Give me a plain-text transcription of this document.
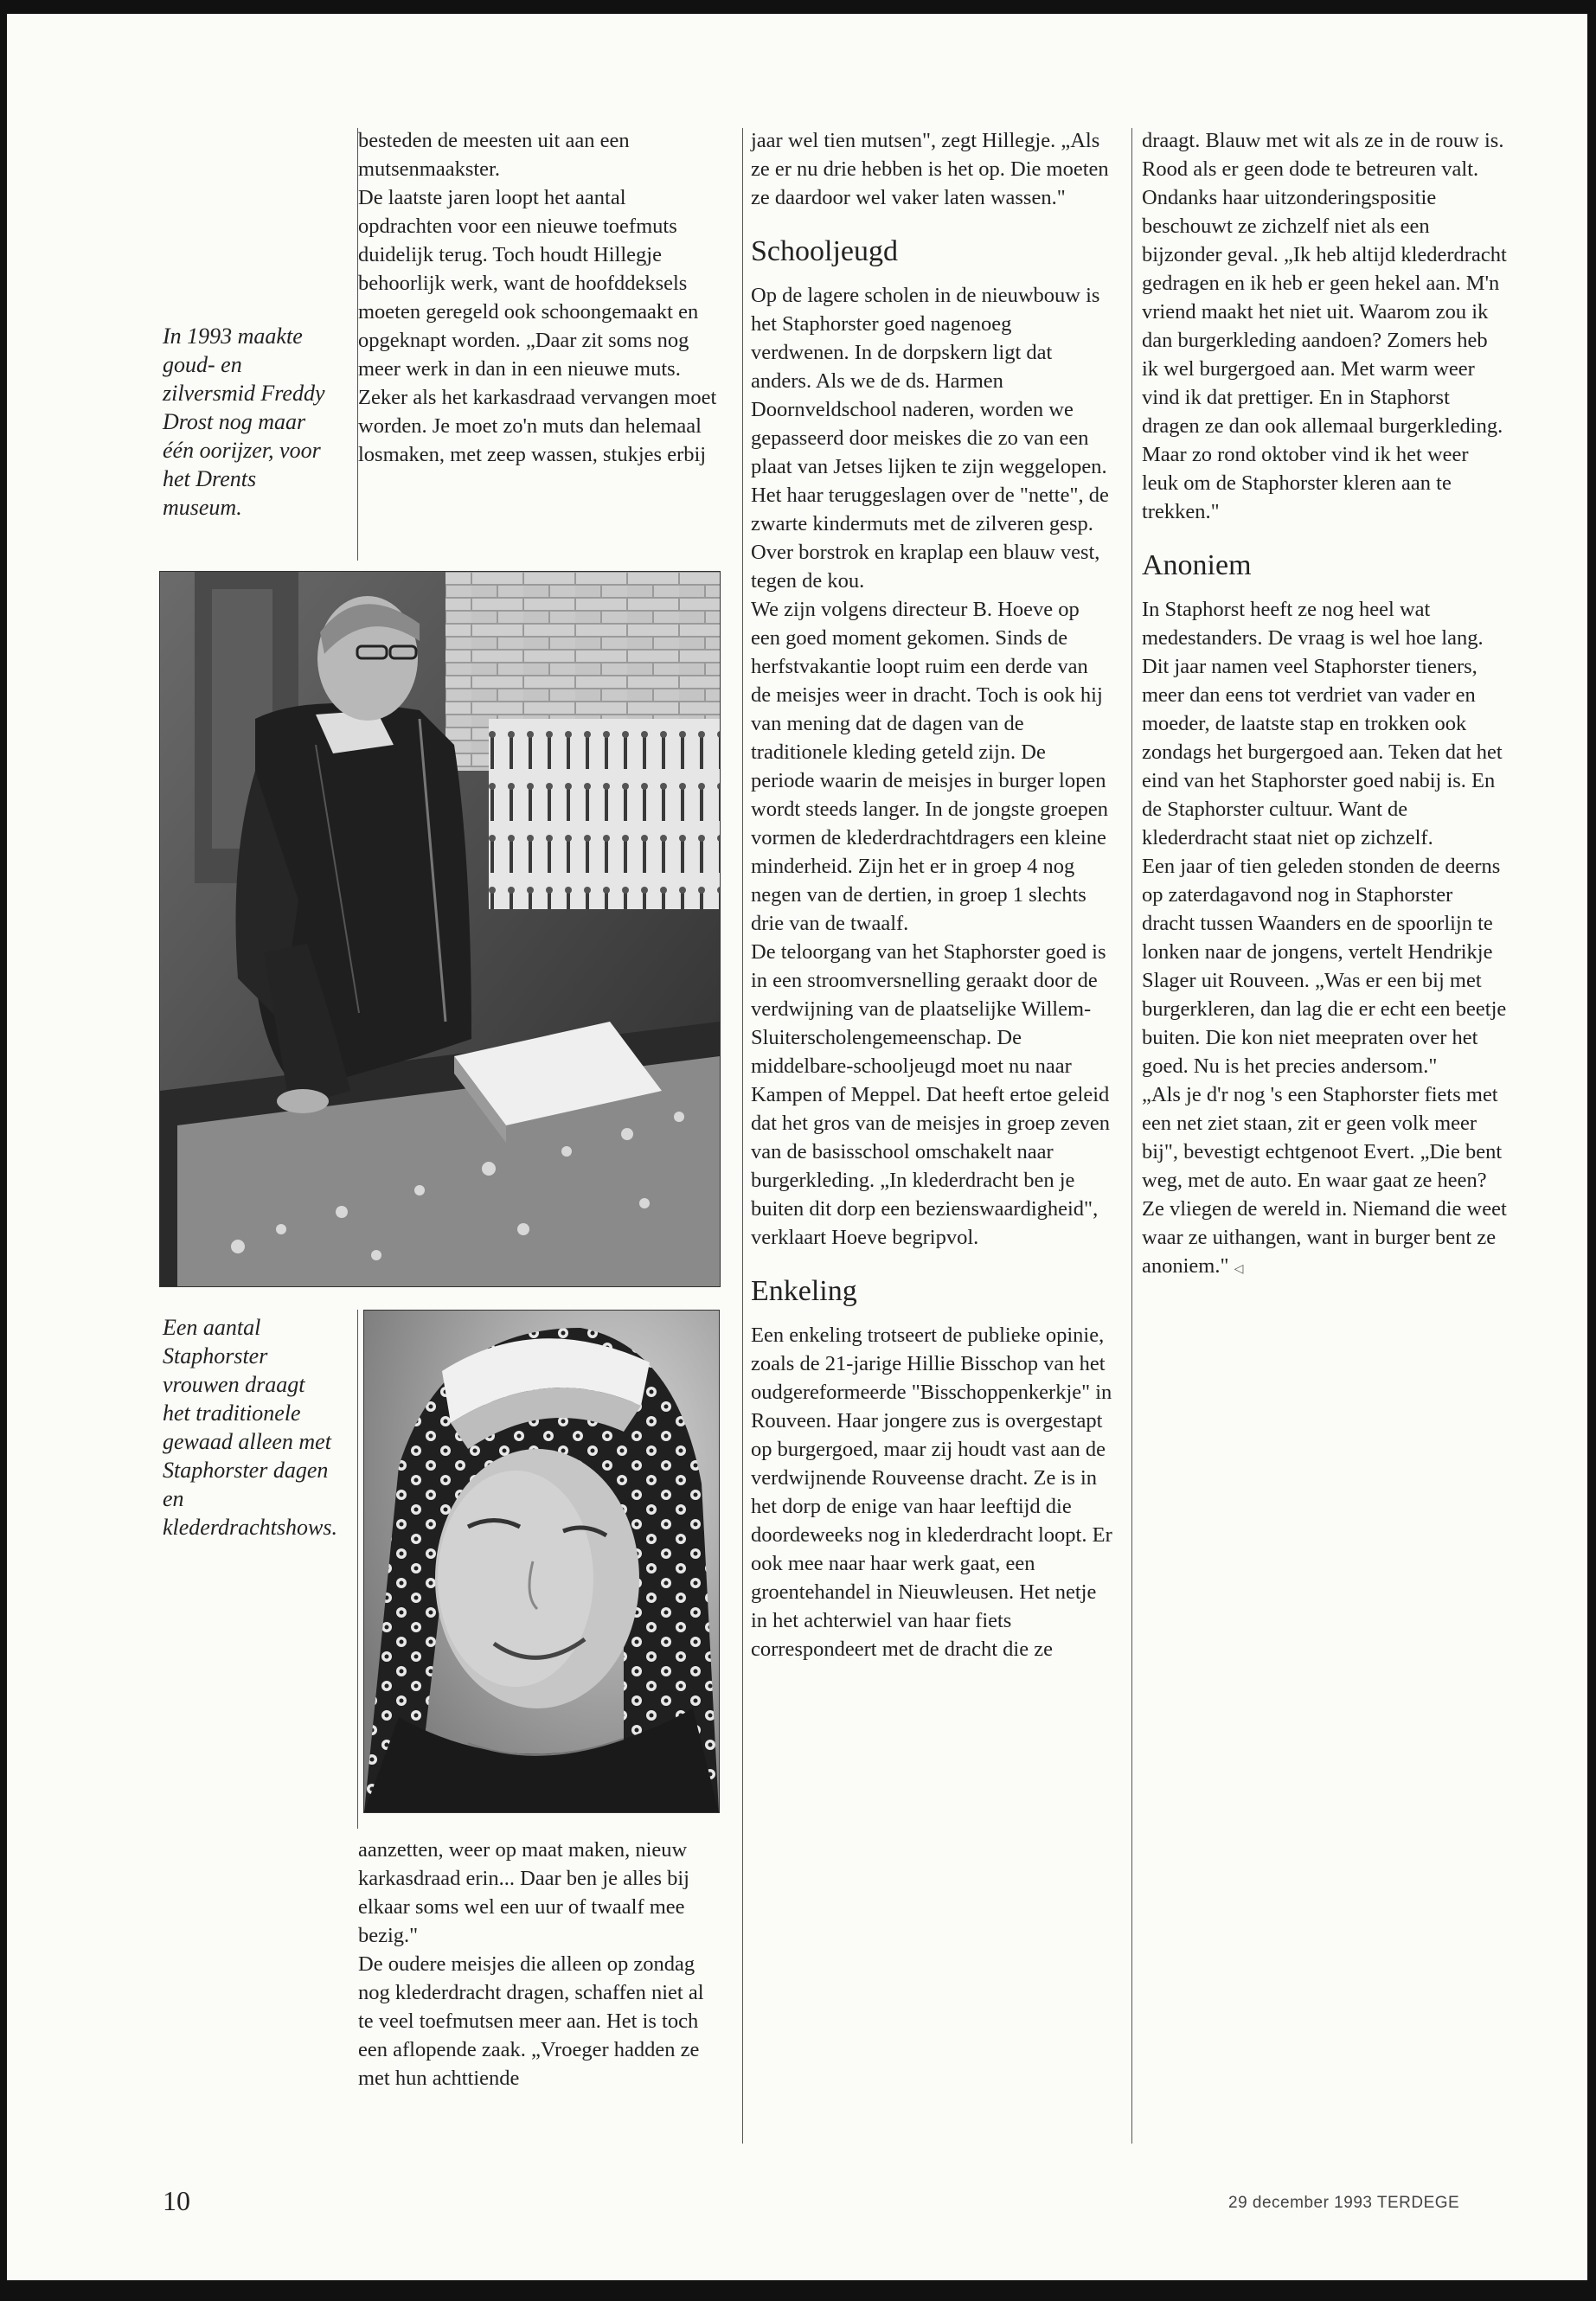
In 1993 maakte goud- en zilversmid Freddy Drost nog maar één oorijzer, voor het Drents museum.
Een aantal Staphorster vrouwen draagt het traditionele gewaad alleen met Staphorster dagen en klederdrachtshows.

besteden de meesten uit aan een mutsenmaakster.

De laatste jaren loopt het aantal opdrachten voor een nieuwe toefmuts duidelijk terug. Toch houdt Hillegje behoorlijk werk, want de hoofddeksels moeten geregeld ook schoongemaakt en opgeknapt worden. „Daar zit soms nog meer werk in dan in een nieuwe muts. Zeker als het karkasdraad vervangen moet worden. Je moet zo'n muts dan helemaal losmaken, met zeep wassen, stukjes erbij

aanzetten, weer op maat maken, nieuw karkasdraad erin... Daar ben je alles bij elkaar soms wel een uur of twaalf mee bezig."

De oudere meisjes die alleen op zondag nog klederdracht dragen, schaffen niet al te veel toefmutsen meer aan. Het is toch een aflopende zaak. „Vroeger hadden ze met hun achttiende

jaar wel tien mutsen", zegt Hillegje. „Als ze er nu drie hebben is het op. Die moeten ze daardoor wel vaker laten wassen."

Schooljeugd

Op de lagere scholen in de nieuwbouw is het Staphorster goed nagenoeg verdwenen. In de dorpskern ligt dat anders. Als we de ds. Harmen Doornveldschool naderen, worden we gepasseerd door meiskes die zo van een plaat van Jetses lijken te zijn weggelopen. Het haar teruggeslagen over de "nette", de zwarte kindermuts met de zilveren gesp. Over borstrok en kraplap een blauw vest, tegen de kou.

We zijn volgens directeur B. Hoeve op een goed moment gekomen. Sinds de herfstvakantie loopt ruim een derde van de meisjes weer in dracht. Toch is ook hij van mening dat de dagen van de traditionele kleding geteld zijn. De periode waarin de meisjes in burger lopen wordt steeds langer. In de jongste groepen vormen de klederdrachtdragers een kleine minderheid. Zijn het er in groep 4 nog negen van de dertien, in groep 1 slechts drie van de twaalf.

De teloorgang van het Staphorster goed is in een stroomversnelling geraakt door de verdwijning van de plaatselijke Willem-Sluiterscholengemeenschap. De middelbare-schooljeugd moet nu naar Kampen of Meppel. Dat heeft ertoe geleid dat het gros van de meisjes in groep zeven van de basisschool omschakelt naar burgerkleding. „In klederdracht ben je buiten dit dorp een bezienswaardigheid", verklaart Hoeve begripvol.

Enkeling

Een enkeling trotseert de publieke opinie, zoals de 21-jarige Hillie Bisschop van het oudgereformeerde "Bisschoppenkerkje" in Rouveen. Haar jongere zus is overgestapt op burgergoed, maar zij houdt vast aan de verdwijnende Rouveense dracht. Ze is in het dorp de enige van haar leeftijd die doordeweeks nog in klederdracht loopt. Er ook mee naar haar werk gaat, een groentehandel in Nieuwleusen. Het netje in het achterwiel van haar fiets correspondeert met de dracht die ze

draagt. Blauw met wit als ze in de rouw is. Rood als er geen dode te betreuren valt. Ondanks haar uitzonderingspositie beschouwt ze zichzelf niet als een bijzonder geval. „Ik heb altijd klederdracht gedragen en ik heb er geen hekel aan. M'n vriend maakt het niet uit. Waarom zou ik dan burgerkleding aandoen? Zomers heb ik wel burgergoed aan. Met warm weer vind ik dat prettiger. En in Staphorst dragen ze dan ook allemaal burgerkleding. Maar zo rond oktober vind ik het weer leuk om de Staphorster kleren aan te trekken."

Anoniem

In Staphorst heeft ze nog heel wat medestanders. De vraag is wel hoe lang. Dit jaar namen veel Staphorster tieners, meer dan eens tot verdriet van vader en moeder, de laatste stap en trokken ook zondags het burgergoed aan. Teken dat het eind van het Staphorster goed nabij is. En de Staphorster cultuur. Want de klederdracht staat niet op zichzelf.

Een jaar of tien geleden stonden de deerns op zaterdagavond nog in Staphorster dracht tussen Waanders en de spoorlijn te lonken naar de jongens, vertelt Hendrikje Slager uit Rouveen. „Was er een bij met burgerkleren, dan lag die er echt een beetje buiten. Die kon niet meepraten over het goed. Nu is het precies andersom."

„Als je d'r nog 's een Staphorster fiets met een net ziet staan, zit er geen volk meer bij", bevestigt echtgenoot Evert. „Die bent weg, met de auto. En waar gaat ze heen? Ze vliegen de wereld in. Niemand die weet waar ze uithangen, want in burger bent ze anoniem." ◁

10	29 december 1993 TERDEGE
